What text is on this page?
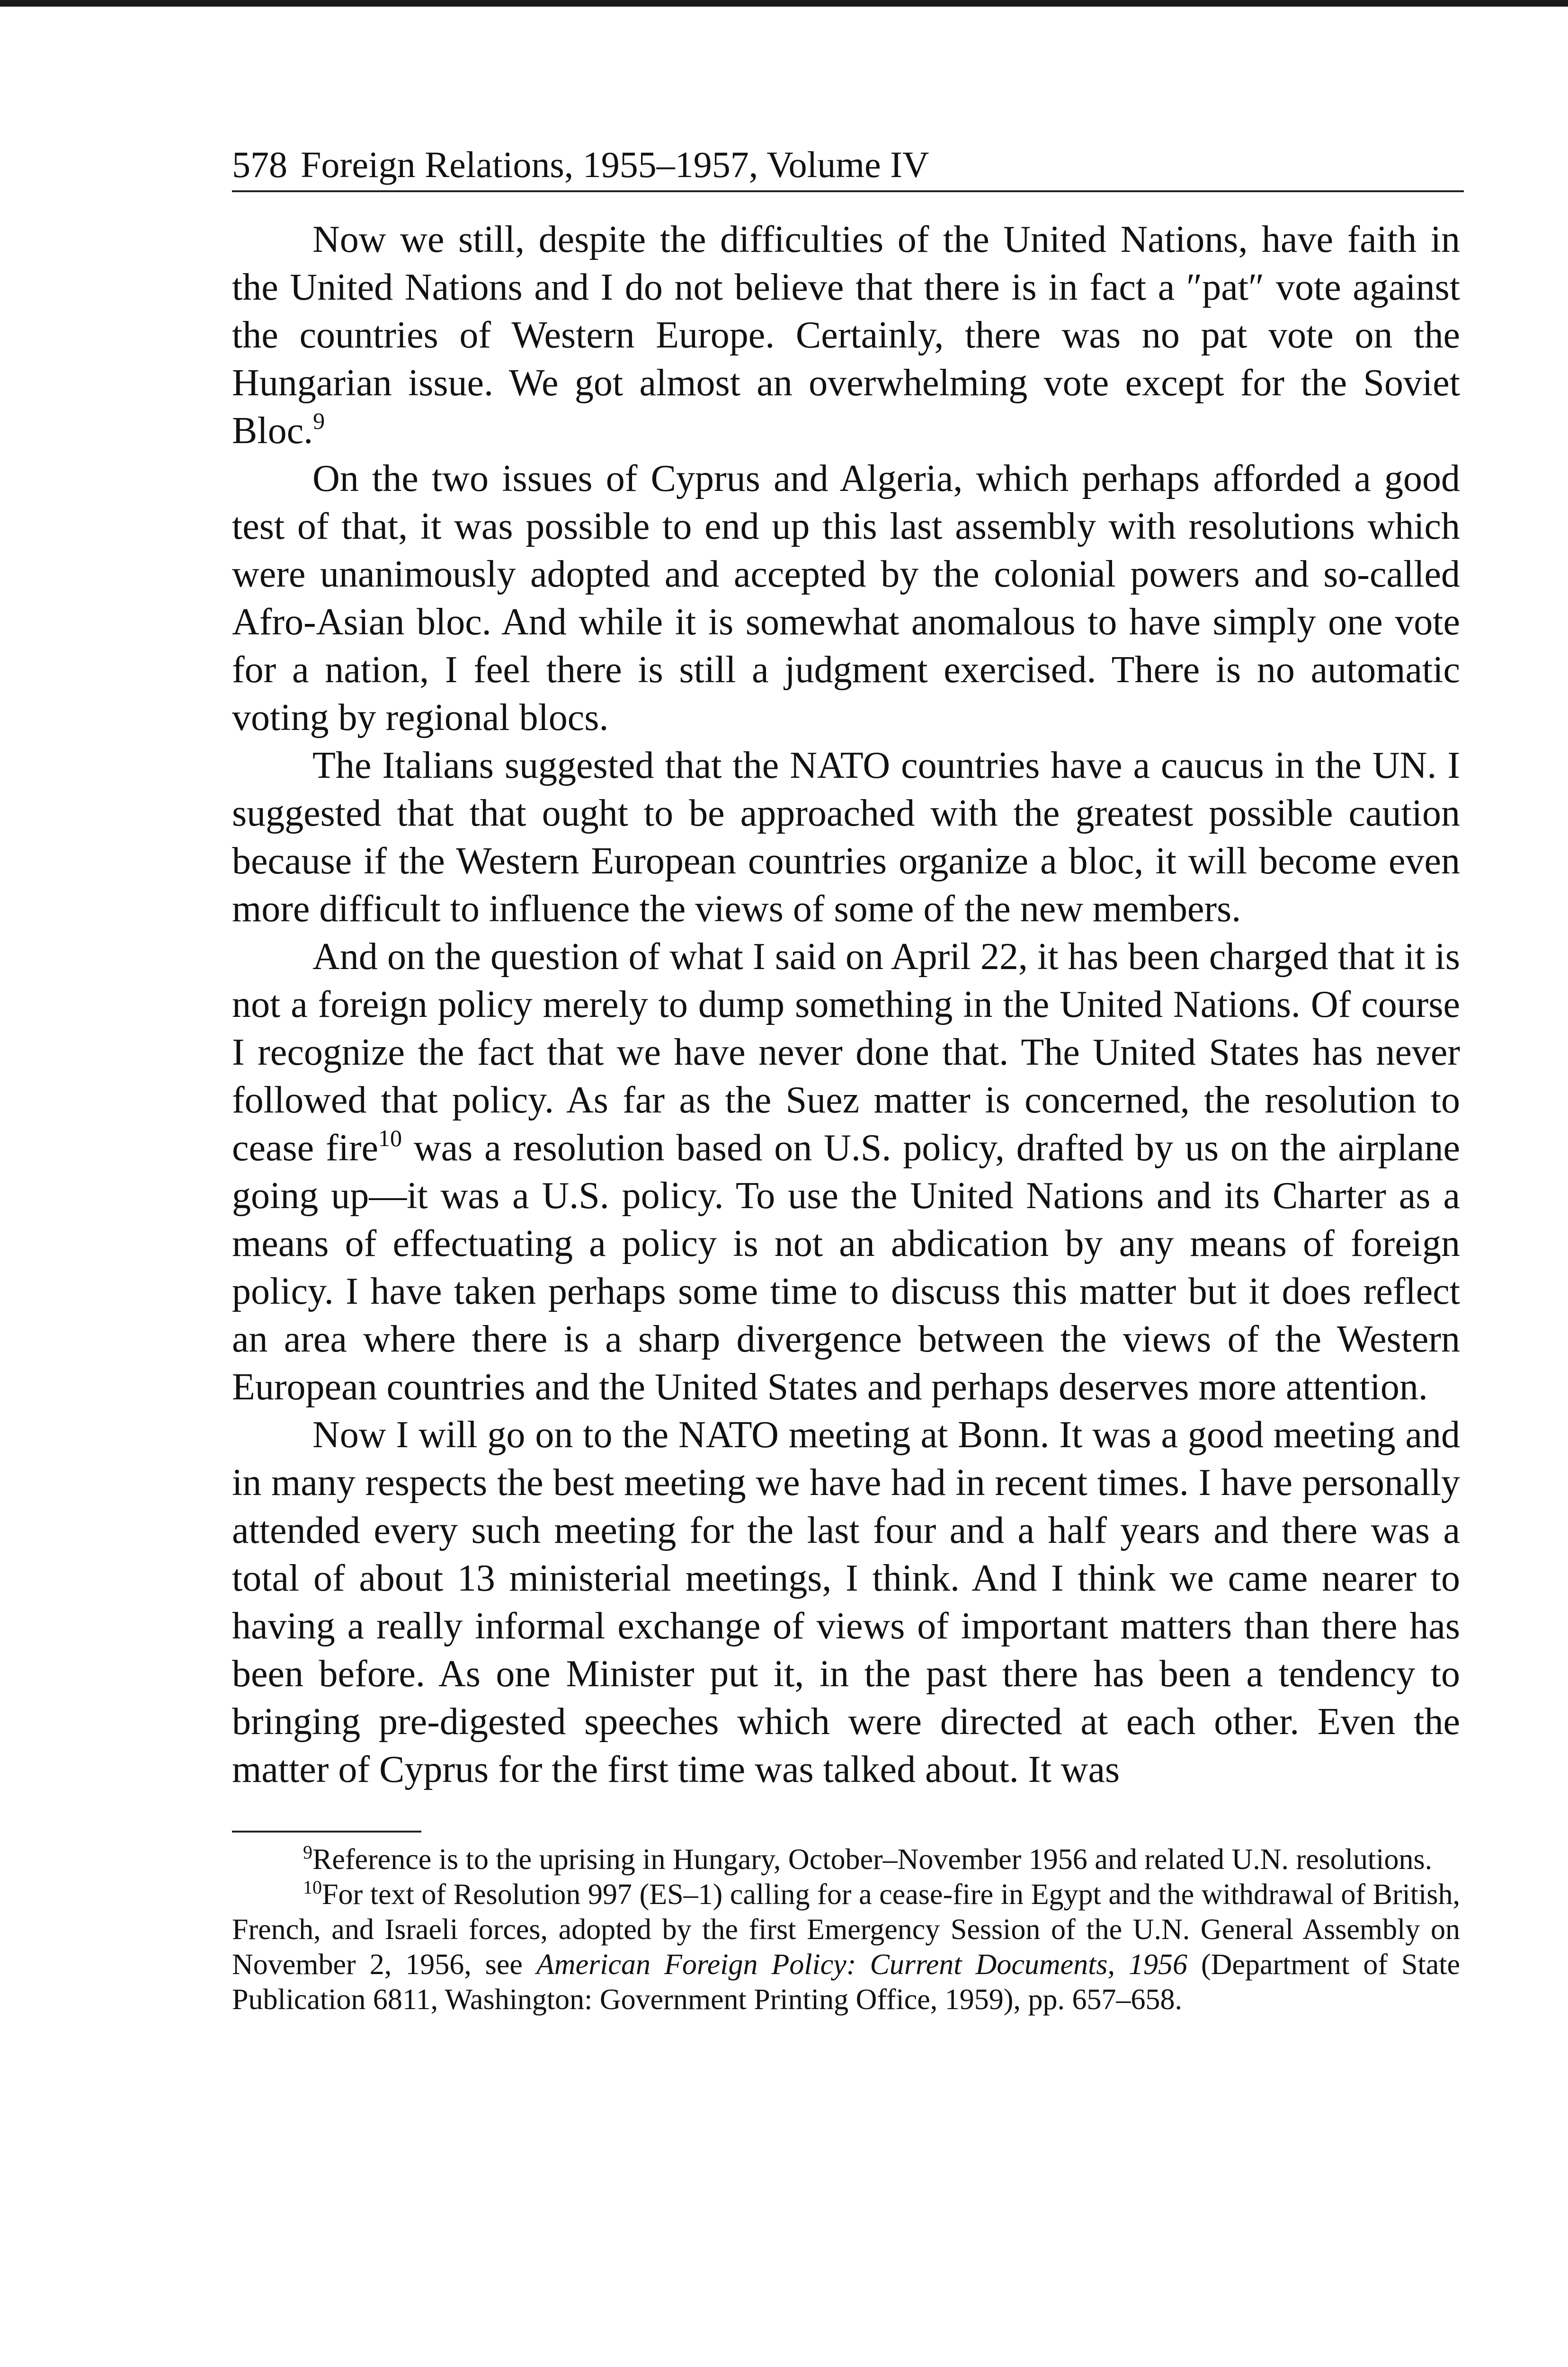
578 Foreign Relations, 1955–1957, Volume IV

Now we still, despite the difficulties of the United Nations, have faith in the United Nations and I do not believe that there is in fact a ″pat″ vote against the countries of Western Europe. Certainly, there was no pat vote on the Hungarian issue. We got almost an overwhelming vote except for the Soviet Bloc.$^9$

On the two issues of Cyprus and Algeria, which perhaps afforded a good test of that, it was possible to end up this last assembly with resolutions which were unanimously adopted and accepted by the colonial powers and so-called Afro-Asian bloc. And while it is somewhat anomalous to have simply one vote for a nation, I feel there is still a judgment exercised. There is no automatic voting by regional blocs.

The Italians suggested that the NATO countries have a caucus in the UN. I suggested that that ought to be approached with the greatest possible caution because if the Western European countries organize a bloc, it will become even more difficult to influence the views of some of the new members.

And on the question of what I said on April 22, it has been charged that it is not a foreign policy merely to dump something in the United Nations. Of course I recognize the fact that we have never done that. The United States has never followed that policy. As far as the Suez matter is concerned, the resolution to cease fire$^{10}$ was a resolution based on U.S. policy, drafted by us on the airplane going up—it was a U.S. policy. To use the United Nations and its Charter as a means of effectuating a policy is not an abdication by any means of foreign policy. I have taken perhaps some time to discuss this matter but it does reflect an area where there is a sharp divergence between the views of the Western European countries and the United States and perhaps deserves more attention.

Now I will go on to the NATO meeting at Bonn. It was a good meeting and in many respects the best meeting we have had in recent times. I have personally attended every such meeting for the last four and a half years and there was a total of about 13 ministerial meetings, I think. And I think we came nearer to having a really informal exchange of views of important matters than there has been before. As one Minister put it, in the past there has been a tendency to bringing pre-digested speeches which were directed at each other. Even the matter of Cyprus for the first time was talked about. It was

$^9$Reference is to the uprising in Hungary, October–November 1956 and related U.N. resolutions.

$^{10}$For text of Resolution 997 (ES–1) calling for a cease-fire in Egypt and the withdrawal of British, French, and Israeli forces, adopted by the first Emergency Session of the U.N. General Assembly on November 2, 1956, see American Foreign Policy: Current Documents, 1956 (Department of State Publication 6811, Washington: Government Printing Office, 1959), pp. 657–658.
